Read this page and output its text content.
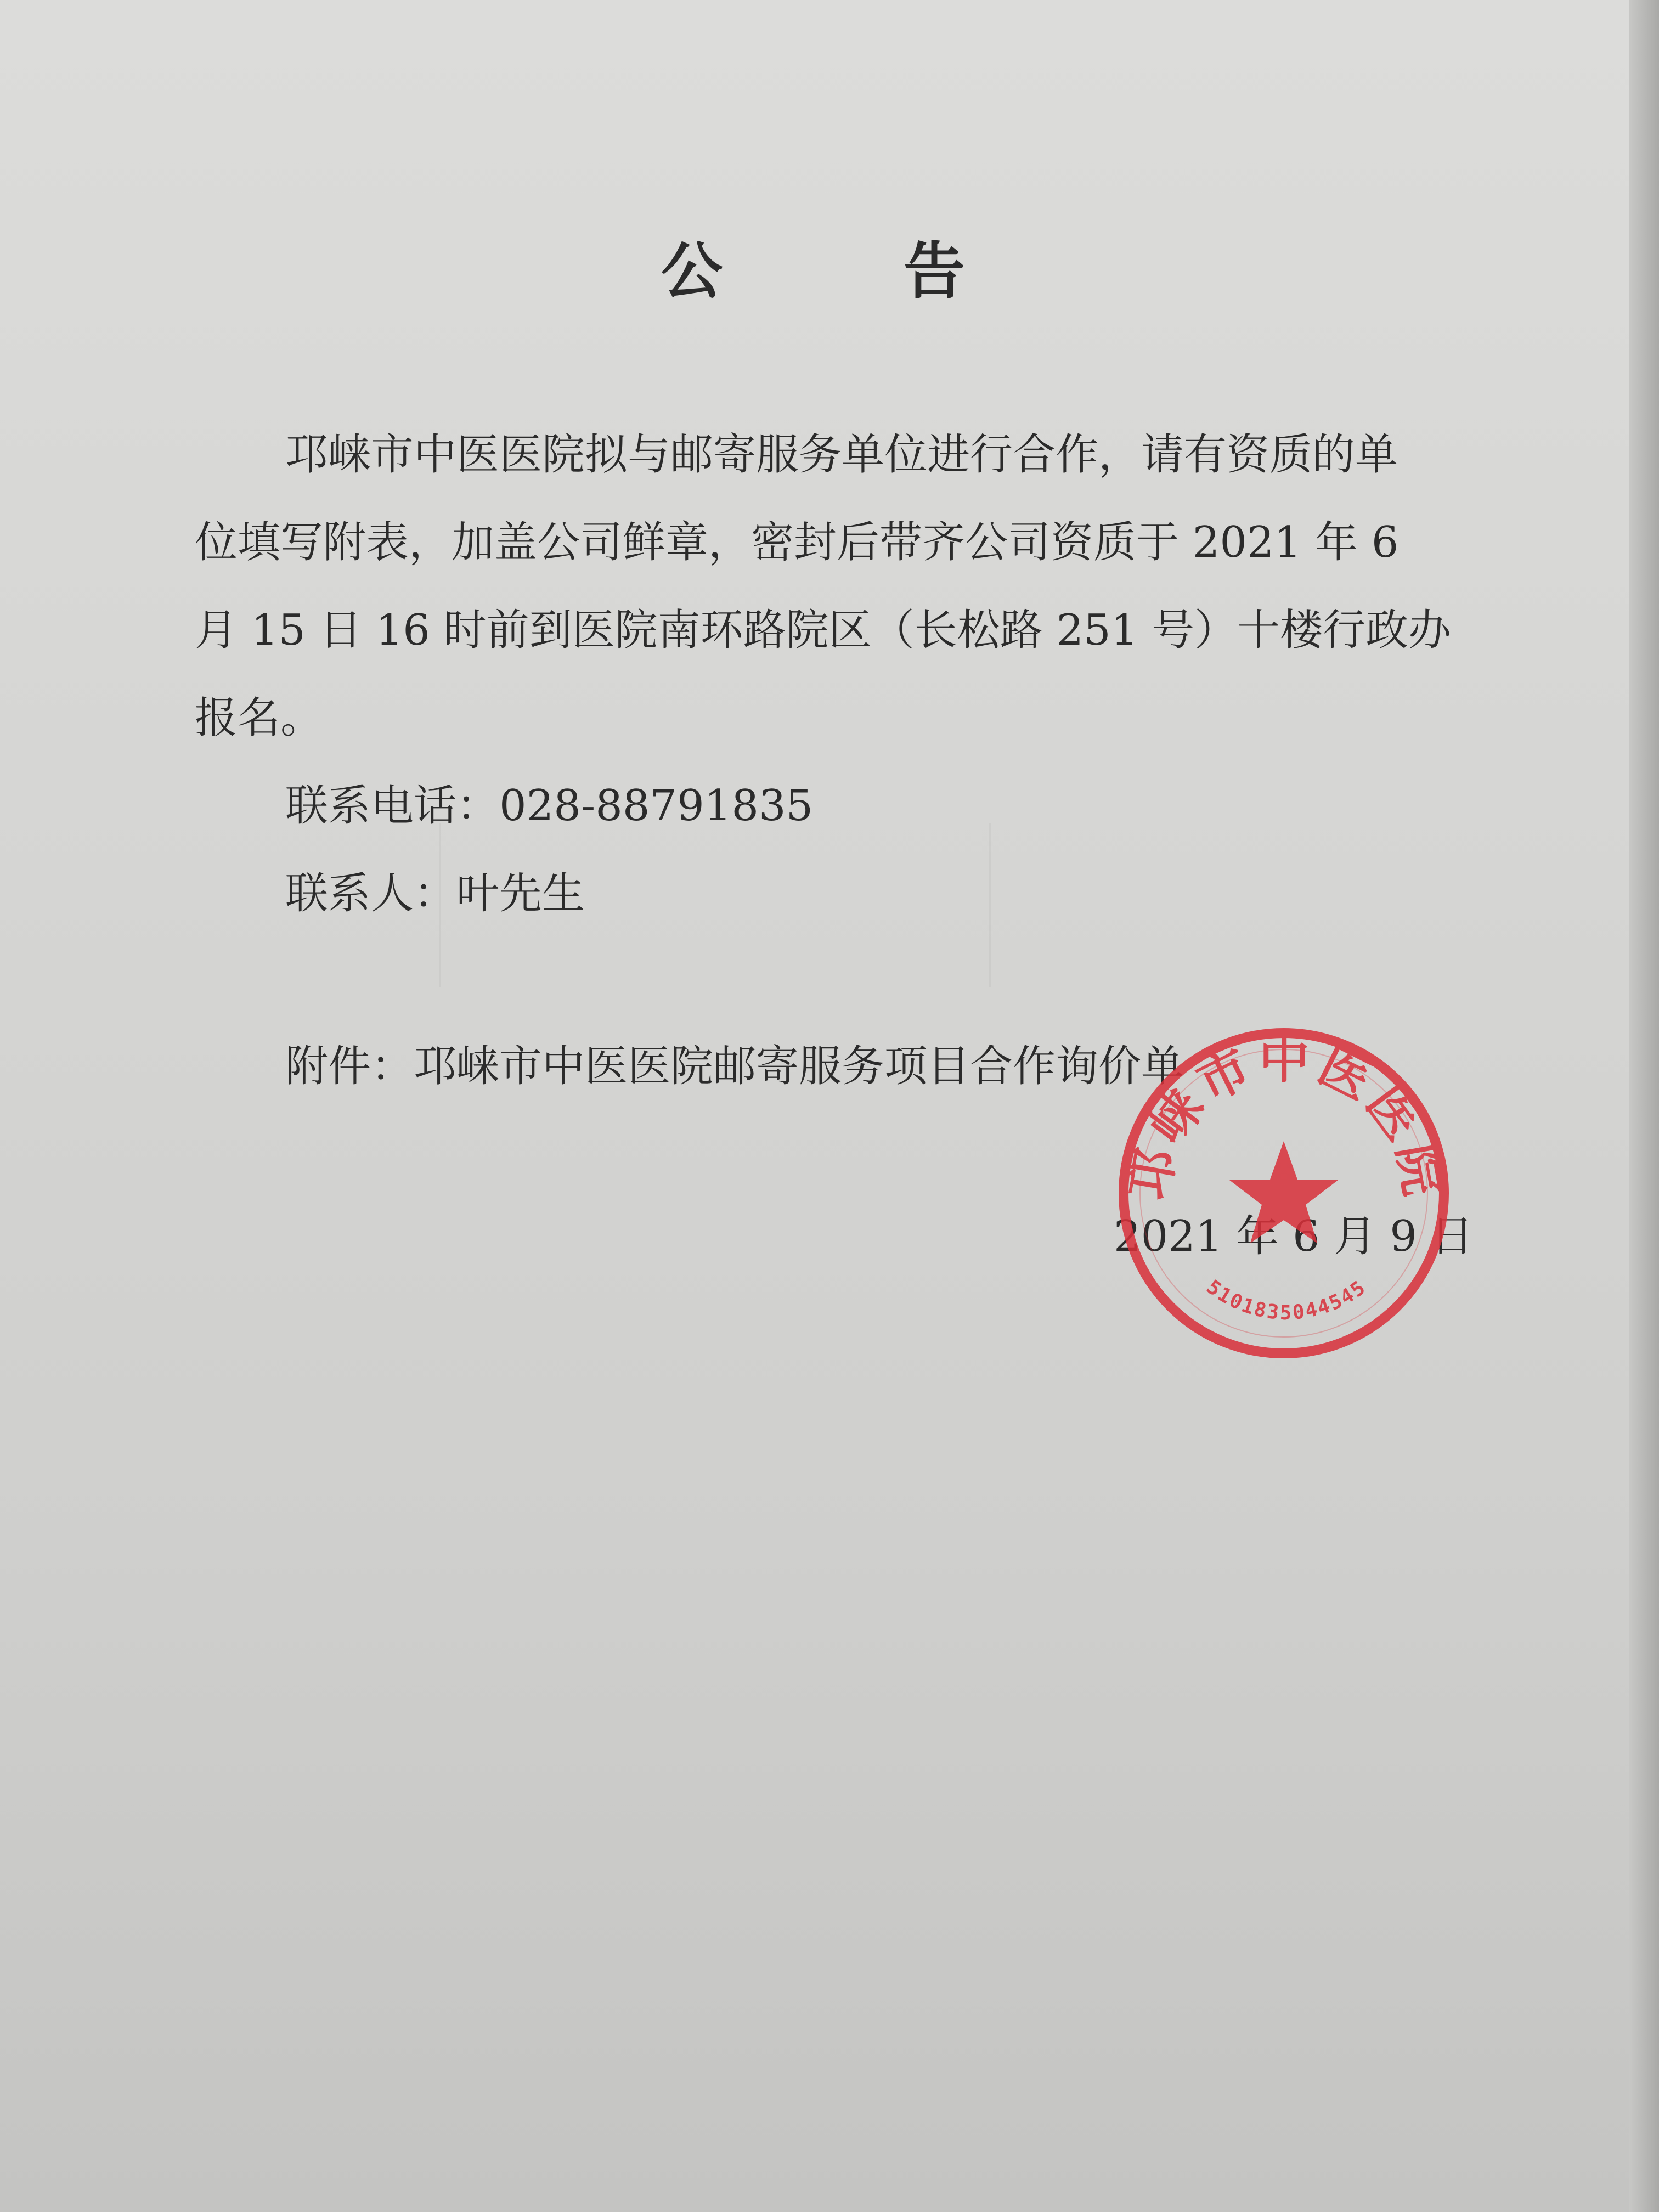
公	告
邛崃市中医医院拟与邮寄服务单位进行合作，请有资质的单
位填写附表，加盖公司鲜章，密封后带齐公司资质于 2021 年 6
月 15 日 16 时前到医院南环路院区（长松路 251 号）十楼行政办
报名。
联系电话：028-88791835
联系人：叶先生
附件：邛崃市中医医院邮寄服务项目合作询价单
2021 年 6 月 9 日
邛崃市中医医院
5101835044545
